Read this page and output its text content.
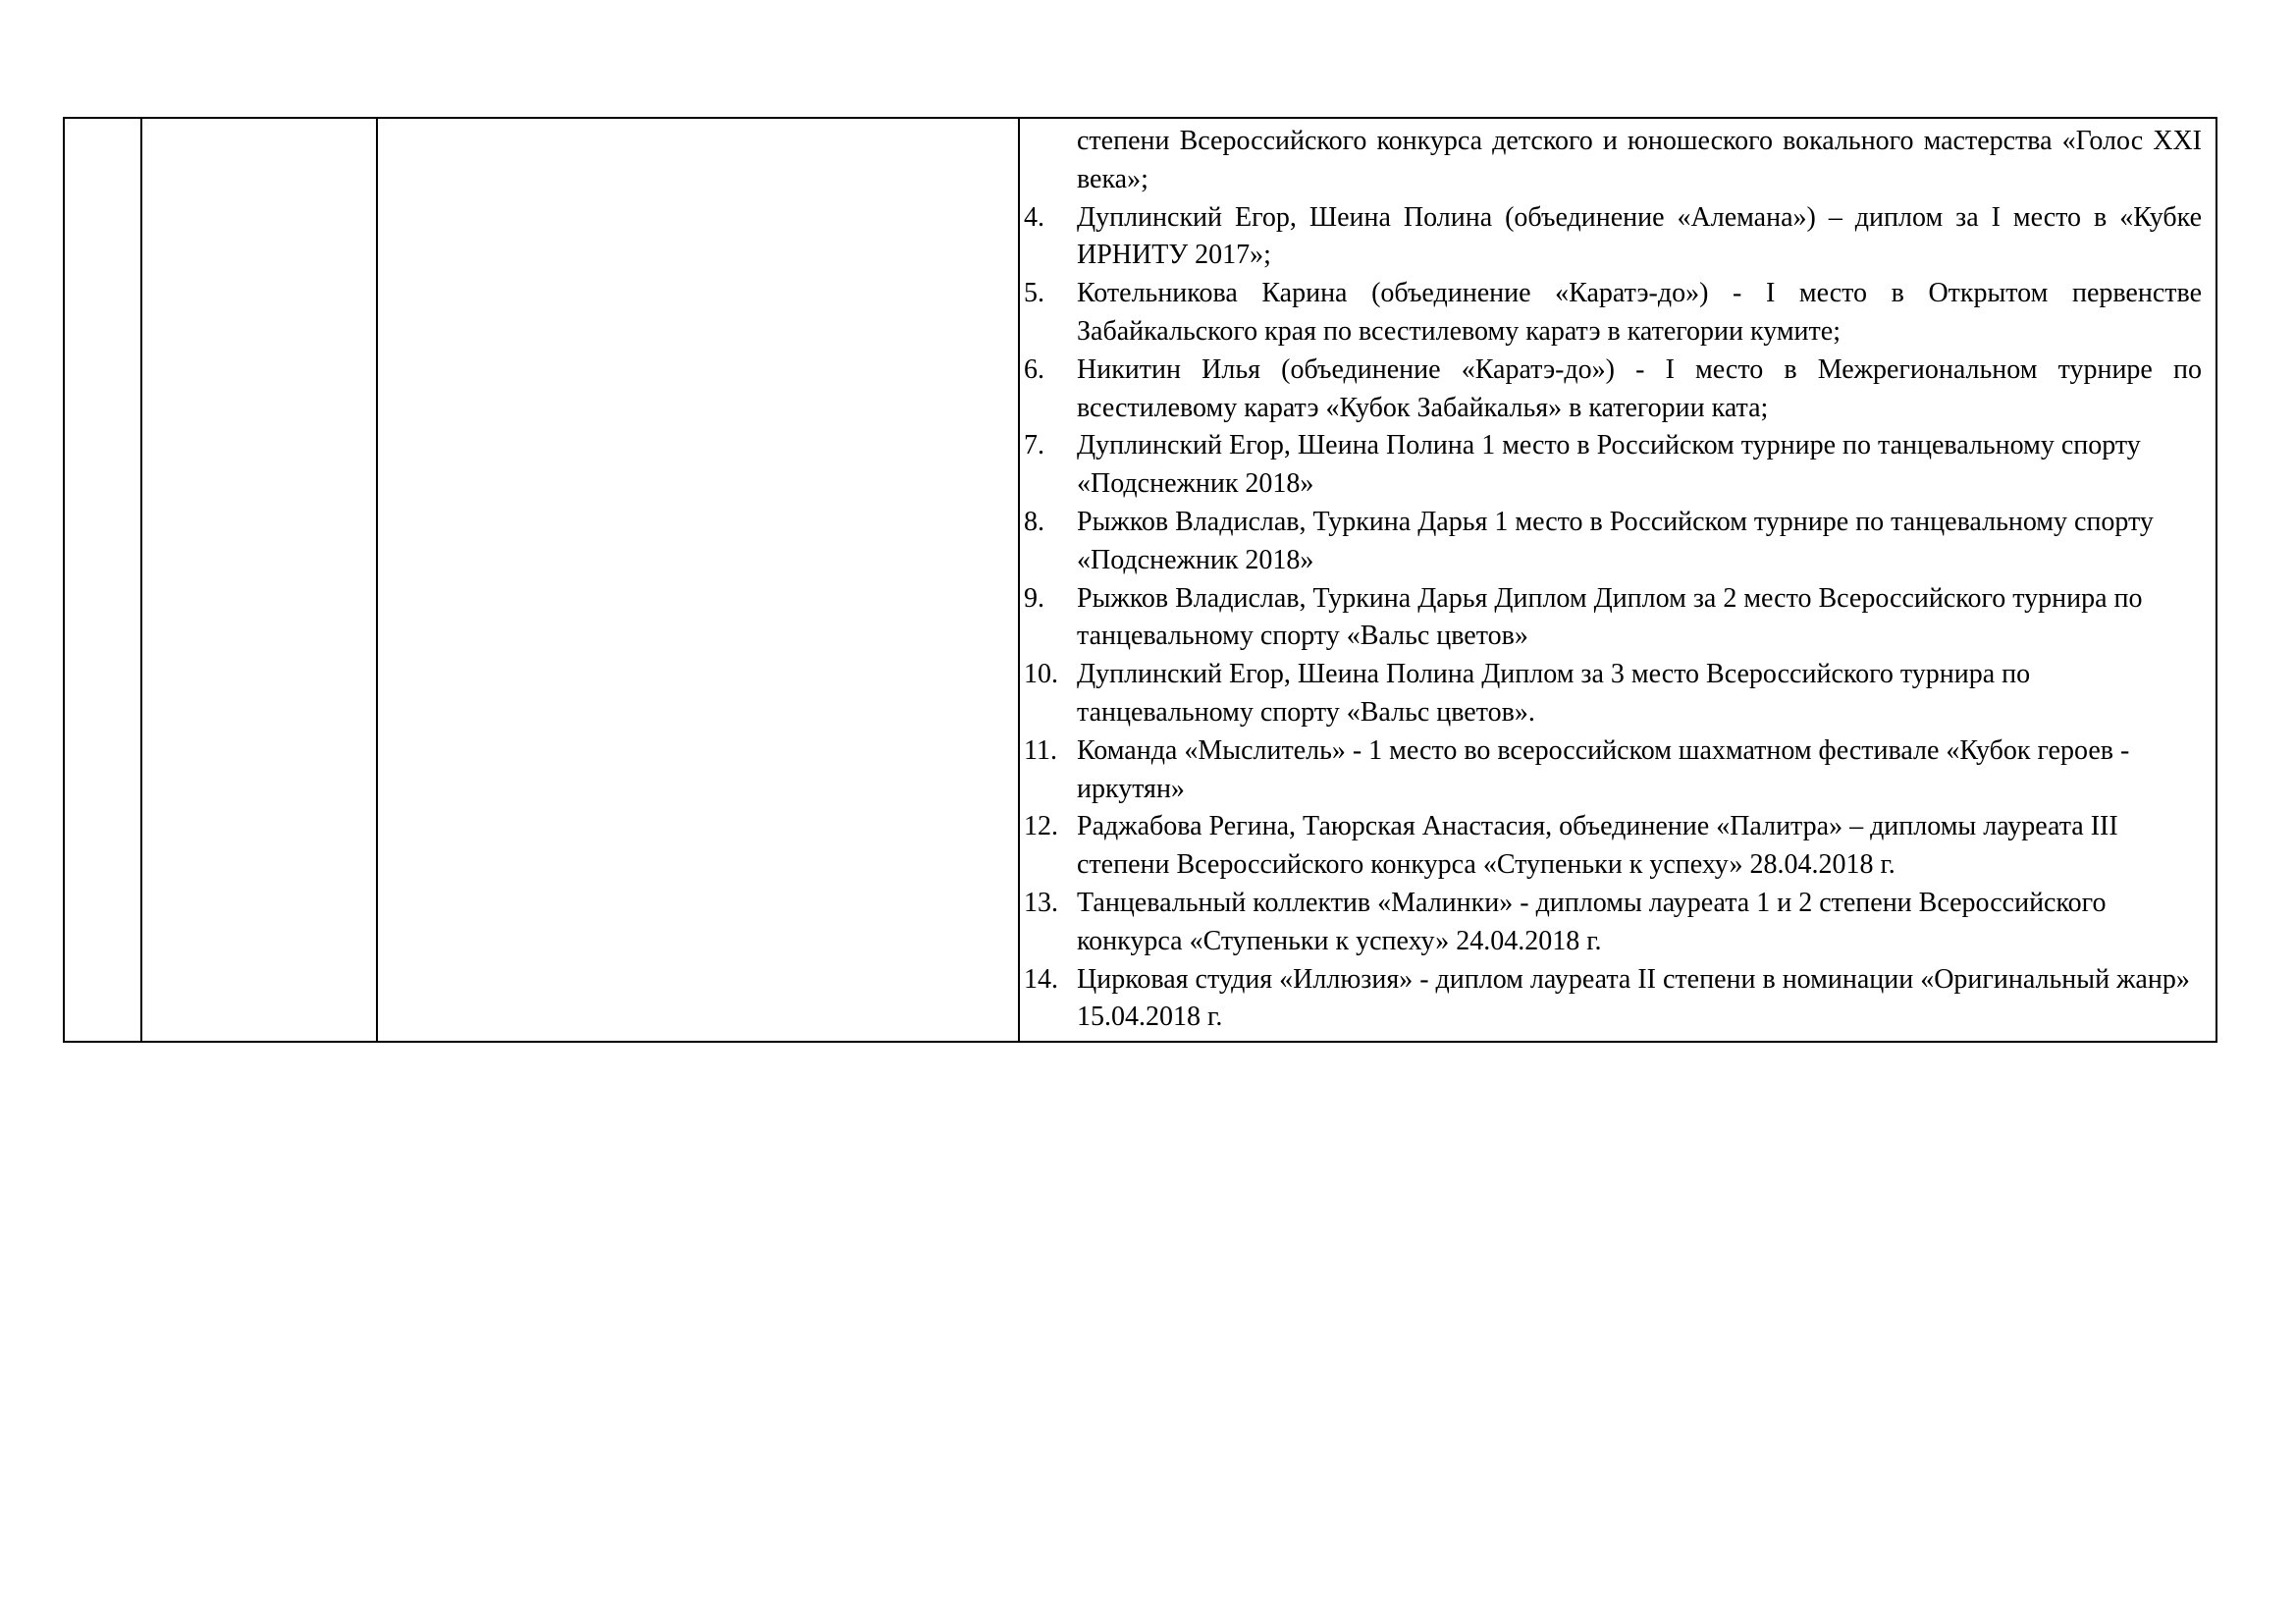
степени Всероссийского конкурса детского и юношеского вокального мастерства «Голос XXI века»;
4.	Дуплинский Егор, Шеина Полина (объединение «Алемана») – диплом за I место в «Кубке ИРНИТУ 2017»;
5.	Котельникова Карина (объединение «Каратэ-до») - I место в Открытом первенстве Забайкальского края по всестилевому каратэ в категории кумите;
6.	Никитин Илья (объединение «Каратэ-до») - I место в Межрегиональном турнире по всестилевому каратэ «Кубок Забайкалья» в категории ката;
7.	Дуплинский Егор, Шеина Полина 1 место в Российском турнире по танцевальному спорту «Подснежник 2018»
8.	Рыжков Владислав, Туркина Дарья 1 место в Российском турнире по танцевальному спорту «Подснежник 2018»
9.	Рыжков Владислав, Туркина Дарья Диплом Диплом за 2 место Всероссийского турнира по танцевальному спорту «Вальс цветов»
10. Дуплинский Егор, Шеина Полина Диплом за 3 место Всероссийского турнира по танцевальному спорту «Вальс цветов».
11. Команда «Мыслитель» - 1 место во всероссийском шахматном фестивале «Кубок героев - иркутян»
12. Раджабова Регина, Таюрская Анастасия, объединение «Палитра» – дипломы лауреата III степени Всероссийского конкурса «Ступеньки к успеху» 28.04.2018 г.
13. Танцевальный коллектив «Малинки» - дипломы лауреата 1 и 2 степени Всероссийского конкурса «Ступеньки к успеху» 24.04.2018 г.
14. Цирковая студия «Иллюзия» - диплом лауреата II степени в номинации «Оригинальный жанр» 15.04.2018 г.
